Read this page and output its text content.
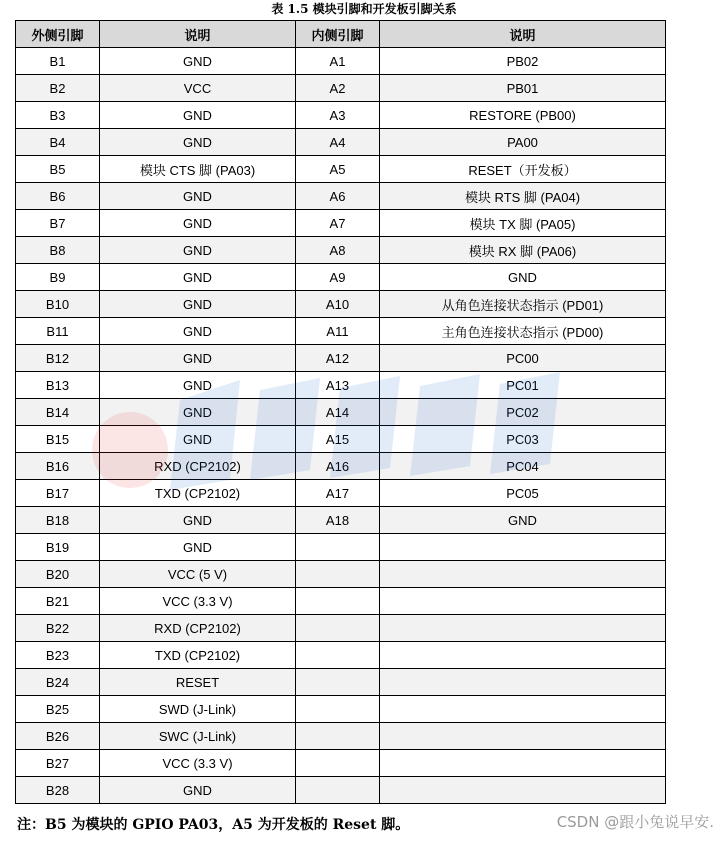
表 1.5 模块引脚和开发板引脚关系
外侧引脚	说明	内侧引脚	说明
B1	GND	A1	PB02
B2	VCC	A2	PB01
B3	GND	A3	RESTORE (PB00)
B4	GND	A4	PA00
B5	模块 CTS 脚 (PA03)	A5	RESET（开发板）
B6	GND	A6	模块 RTS 脚 (PA04)
B7	GND	A7	模块 TX 脚 (PA05)
B8	GND	A8	模块 RX 脚 (PA06)
B9	GND	A9	GND
B10	GND	A10	从角色连接状态指示 (PD01)
B11	GND	A11	主角色连接状态指示 (PD00)
B12	GND	A12	PC00
B13	GND	A13	PC01
B14	GND	A14	PC02
B15	GND	A15	PC03
B16	RXD (CP2102)	A16	PC04
B17	TXD (CP2102)	A17	PC05
B18	GND	A18	GND
B19	GND		
B20	VCC (5 V)		
B21	VCC (3.3 V)		
B22	RXD (CP2102)		
B23	TXD (CP2102)		
B24	RESET		
B25	SWD (J-Link)		
B26	SWC (J-Link)		
B27	VCC (3.3 V)		
B28	GND		
注：B5 为模块的 GPIO PA03，A5 为开发板的 Reset 脚。	CSDN @跟小兔说早安.
